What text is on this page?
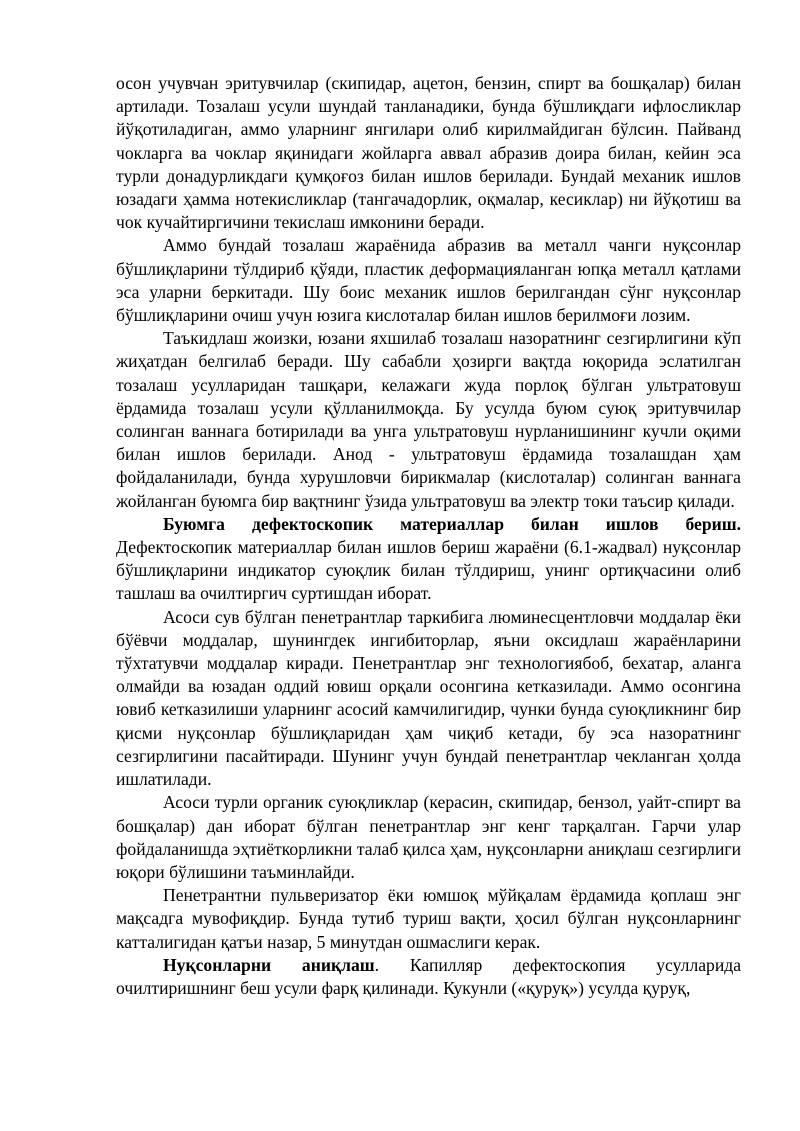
осон учувчан эритувчилар (скипидар, ацетон, бензин, спирт ва бошқалар) билан артилади. Тозалаш усули шундай танланадики, бунда бўшлиқдаги ифлосликлар йўқотиладиган, аммо уларнинг янгилари олиб кирилмайдиган бўлсин. Пайванд чокларга ва чоклар яқинидаги жойларга аввал абразив доира билан, кейин эса турли донадурликдаги қумқоғоз билан ишлов берилади. Бундай механик ишлов юзадаги ҳамма нотекисликлар (тангачадорлик, оқмалар, кесиклар) ни йўқотиш ва чок кучайтиргичини текислаш имконини беради.

Аммо бундай тозалаш жараёнида абразив ва металл чанги нуқсонлар бўшлиқларини тўлдириб қўяди, пластик деформацияланган юпқа металл қатлами эса уларни беркитади. Шу боис механик ишлов берилгандан сўнг нуқсонлар бўшлиқларини очиш учун юзига кислоталар билан ишлов берилмоғи лозим.

Таъкидлаш жоизки, юзани яхшилаб тозалаш назоратнинг сезгирлигини кўп жиҳатдан белгилаб беради. Шу сабабли ҳозирги вақтда юқорида эслатилган тозалаш усулларидан ташқари, келажаги жуда порлоқ бўлган ультратовуш ёрдамида тозалаш усули қўлланилмоқда. Бу усулда буюм суюқ эритувчилар солинган ваннага ботирилади ва унга ультратовуш нурланишининг кучли оқими билан ишлов берилади. Анод - ультратовуш ёрдамида тозалашдан ҳам фойдаланилади, бунда хурушловчи бирикмалар (кислоталар) солинган ваннага жойланган буюмга бир вақтнинг ўзида ультратовуш ва электр токи таъсир қилади.

Буюмга дефектоскопик материаллар билан ишлов бериш. Дефектоскопик материаллар билан ишлов бериш жараёни (6.1-жадвал) нуқсонлар бўшлиқларини индикатор суюқлик билан тўлдириш, унинг ортиқчасини олиб ташлаш ва очилтиргич суртишдан иборат.

Асоси сув бўлган пенетрантлар таркибига люминесцентловчи моддалар ёки бўёвчи моддалар, шунингдек ингибиторлар, яъни оксидлаш жараёнларини тўхтатувчи моддалар киради. Пенетрантлар энг технологиябоб, бехатар, алангa олмайди ва юзадан оддий ювиш орқали осонгина кетказилади. Аммо осонгина ювиб кетказилиши уларнинг асосий камчилигидир, чунки бунда суюқликнинг бир қисми нуқсонлар бўшлиқларидан ҳам чиқиб кетади, бу эса назоратнинг сезгирлигини пасайтиради. Шунинг учун бундай пенетрантлар чекланган ҳолда ишлатилади.

Асоси турли органик суюқликлар (керасин, скипидар, бензол, уайт-спирт ва бошқалар) дан иборат бўлган пенетрантлар энг кенг тарқалган. Гарчи улар фойдаланишда эҳтиёткорликни талаб қилса ҳам, нуқсонларни аниқлаш сезгирлиги юқори бўлишини таъминлайди.

Пенетрантни пульверизатор ёки юмшоқ мўйқалам ёрдамида қоплаш энг мақсадга мувофиқдир. Бунда тутиб туриш вақти, ҳосил бўлган нуқсонларнинг катталигидан қатъи назар, 5 минутдан ошмаслиги керак.

Нуқсонларни аниқлаш. Капилляр дефектоскопия усулларида очилтиришнинг беш усули фарқ қилинади. Кукунли («қуруқ») усулда қуруқ,
